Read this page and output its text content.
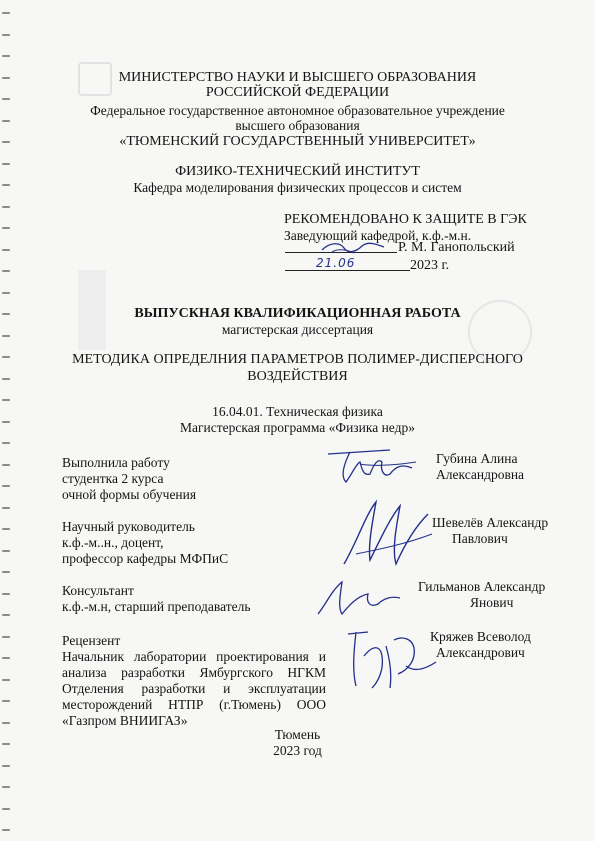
МИНИСТЕРСТВО НАУКИ И ВЫСШЕГО ОБРАЗОВАНИЯ
РОССИЙСКОЙ ФЕДЕРАЦИИ
Федеральное государственное автономное образовательное учреждение
высшего образования
«ТЮМЕНСКИЙ ГОСУДАРСТВЕННЫЙ УНИВЕРСИТЕТ»
ФИЗИКО-ТЕХНИЧЕСКИЙ ИНСТИТУТ
Кафедра моделирования физических процессов и систем
РЕКОМЕНДОВАНО К ЗАЩИТЕ В ГЭК
Заведующий кафедрой, к.ф.-м.н.
Р. М. Ганопольский
2023 г.
21.06
ВЫПУСКНАЯ КВАЛИФИКАЦИОННАЯ РАБОТА
магистерская диссертация
МЕТОДИКА ОПРЕДЕЛНИЯ ПАРАМЕТРОВ ПОЛИМЕР-ДИСПЕРСНОГО
ВОЗДЕЙСТВИЯ
16.04.01. Техническая физика
Магистерская программа «Физика недр»
Выполнила работу
студентка 2 курса
очной формы обучения
Губина Алина
Александровна
Научный руководитель
к.ф.-м..н., доцент,
профессор кафедры МФПиС
Шевелёв Александр
Павлович
Консультант
к.ф.-м.н, старший преподаватель
Гильманов Александр
Янович
Рецензент
Начальник лаборатории проектирования и анализа разработки Ямбургского НГКМ Отделения разработки и эксплуатации месторождений НТПР (г.Тюмень) ООО «Газпром ВНИИГАЗ»
Кряжев Всеволод
Александрович
Тюмень
2023 год
